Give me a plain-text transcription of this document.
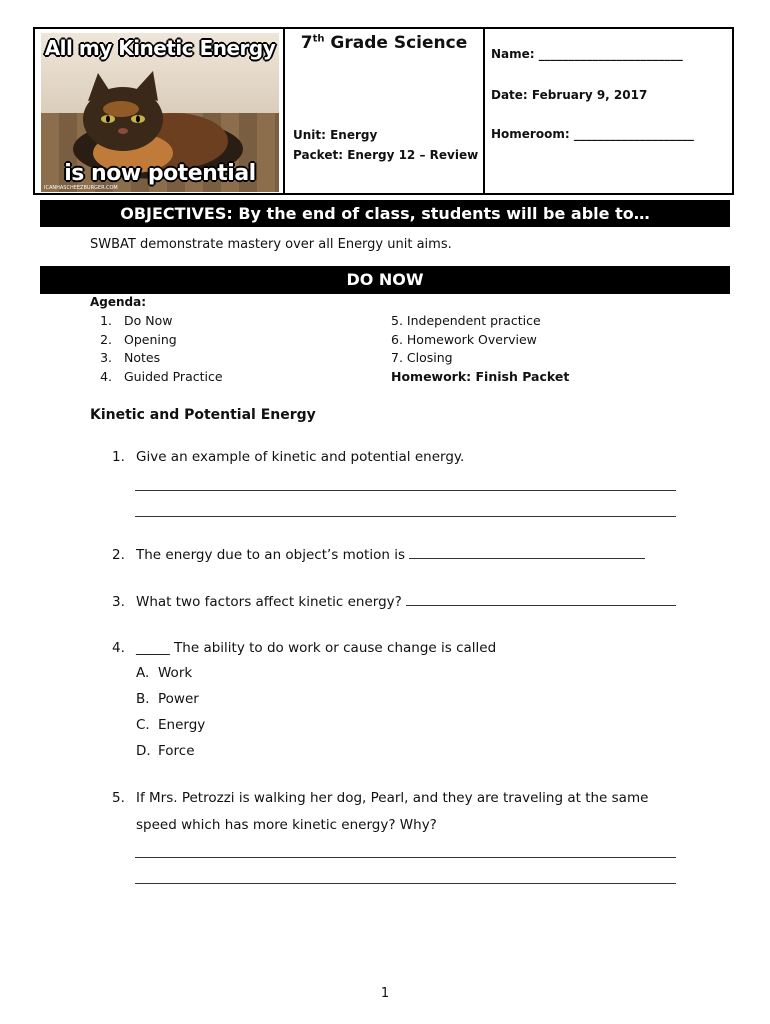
All my Kinetic Energy
is now potential
ICANHASCHEEZBURGER.COM
7th Grade Science
Unit: Energy
Packet: Energy 12 – Review
Name: ________________________
Date: February 9, 2017
Homeroom: ____________________
OBJECTIVES: By the end of class, students will be able to…
SWBAT demonstrate mastery over all Energy unit aims.
DO NOW
Agenda:
1. Do Now
2. Opening
3. Notes
4. Guided Practice
5. Independent practice
6. Homework Overview
7. Closing
Homework: Finish Packet
Kinetic and Potential Energy
1. Give an example of kinetic and potential energy.
2. The energy due to an object’s motion is
3. What two factors affect kinetic energy?
4. _____ The ability to do work or cause change is called
A. Work
B. Power
C. Energy
D. Force
5. If Mrs. Petrozzi is walking her dog, Pearl, and they are traveling at the same
speed which has more kinetic energy? Why?
1
